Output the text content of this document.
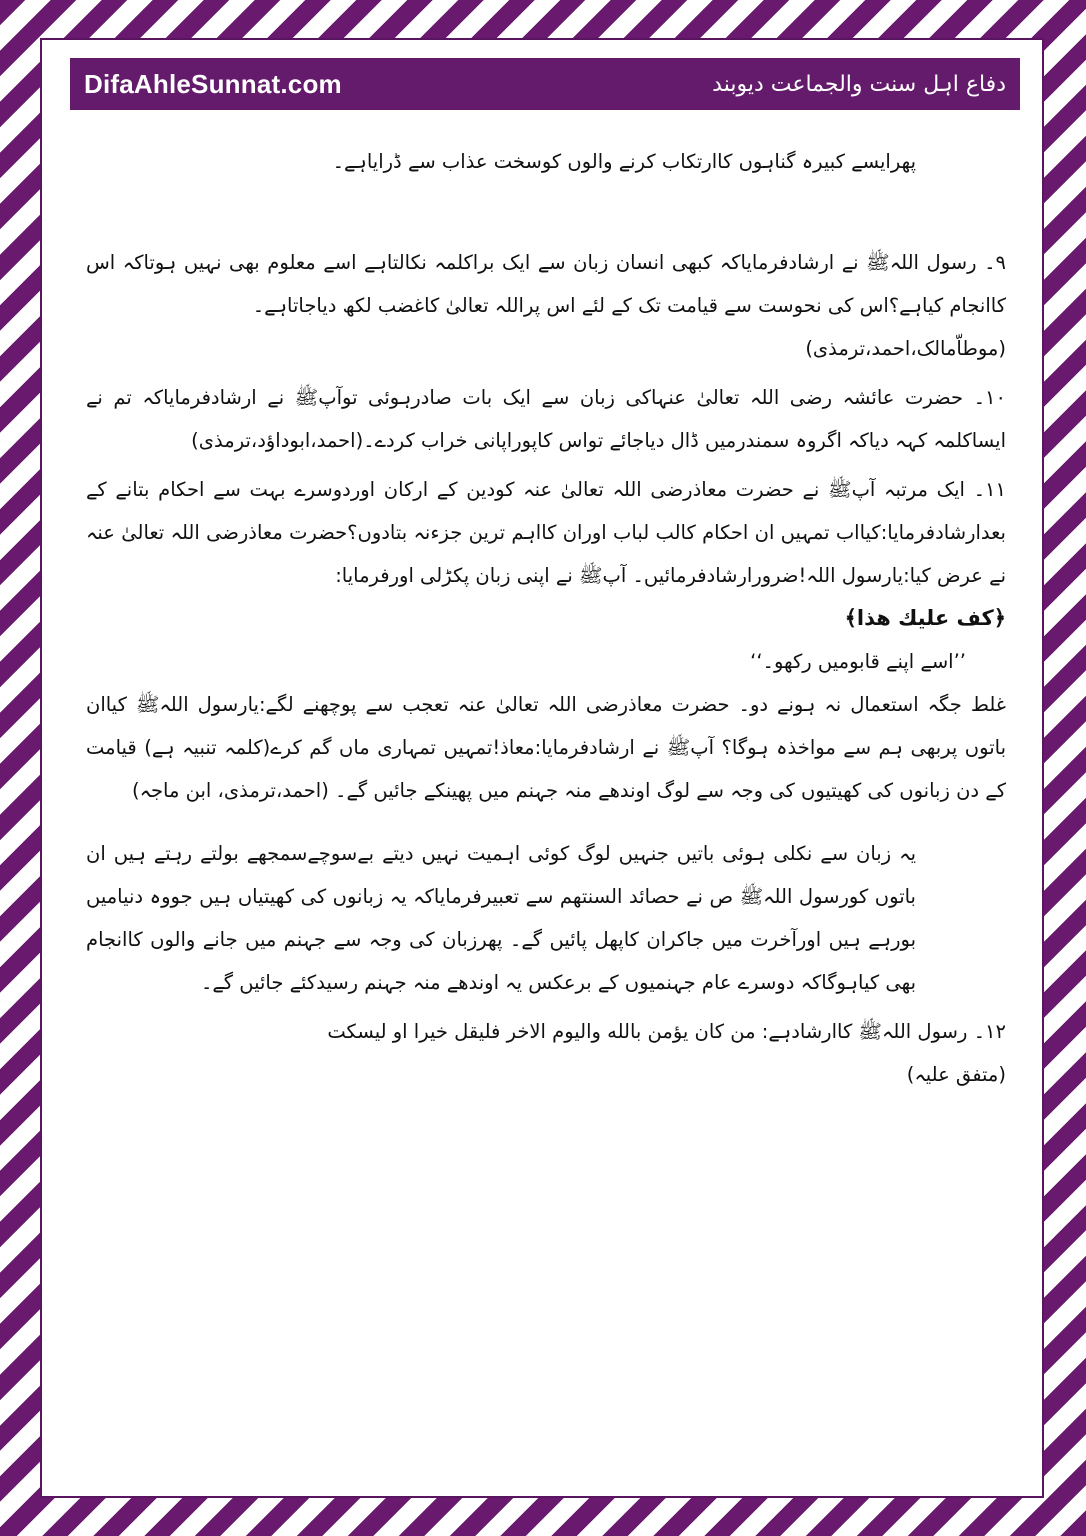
DifaAhleSunnat.com	دفاع اہل سنت والجماعت دیوبند

پھرایسے کبیرہ گناہوں کاارتکاب کرنے والوں کوسخت عذاب سے ڈرایاہے۔

۹۔ رسول اللہﷺ نے ارشادفرمایاکہ کبھی انسان زبان سے ایک براکلمہ نکالتاہے اسے معلوم بھی نہیں ہوتاکہ اس کاانجام کیاہے؟اس کی نحوست سے قیامت تک کے لئے اس پراللہ تعالیٰ کاغضب لکھ دیاجاتاہے۔

(موطاّمالک،احمد،ترمذی)

۱۰۔ حضرت عائشہ رضی اللہ تعالیٰ عنہاکی زبان سے ایک بات صادرہوئی توآپﷺ نے ارشادفرمایاکہ تم نے ایساکلمہ کہہ دیاکہ اگروہ سمندرمیں ڈال دیاجائے تواس کاپوراپانی خراب کردے۔(احمد،ابوداؤد،ترمذی)

۱۱۔ ایک مرتبہ آپﷺ نے حضرت معاذرضی اللہ تعالیٰ عنہ کودین کے ارکان اوردوسرے بہت سے احکام بتانے کے بعدارشادفرمایا:کیااب تمہیں ان احکام کالب لباب اوران کااہم ترین جزءنہ بتادوں؟حضرت معاذرضی اللہ تعالیٰ عنہ نے عرض کیا:یارسول اللہ!ضرورارشادفرمائیں۔ آپﷺ نے اپنی زبان پکڑلی اورفرمایا:

﴿كف عليك هذا﴾

’’اسے اپنے قابومیں رکھو۔‘‘

غلط جگہ استعمال نہ ہونے دو۔ حضرت معاذرضی اللہ تعالیٰ عنہ تعجب سے پوچھنے لگے:یارسول اللہﷺ کیاان باتوں پربھی ہم سے مواخذہ ہوگا؟ آپﷺ نے ارشادفرمایا:معاذ!تمہیں تمہاری ماں گم کرے(کلمہ تنبیہ ہے) قیامت کے دن زبانوں کی کھیتیوں کی وجہ سے لوگ اوندھے منہ جہنم میں پھینکے جائیں گے۔ (احمد،ترمذی، ابن ماجہ)

یہ زبان سے نکلی ہوئی باتیں جنہیں لوگ کوئی اہمیت نہیں دیتے بےسوچےسمجھے بولتے رہتے ہیں ان باتوں کورسول اللہﷺ ص نے حصائد السنتھم سے تعبیرفرمایاکہ یہ زبانوں کی کھیتیاں ہیں جووہ دنیامیں بورہے ہیں اورآخرت میں جاکران کاپھل پائیں گے۔ پھرزبان کی وجہ سے جہنم میں جانے والوں کاانجام بھی کیاہوگاکہ دوسرے عام جہنمیوں کے برعکس یہ اوندھے منہ جہنم رسیدکئے جائیں گے۔

۱۲۔ رسول اللہﷺ کاارشادہے: من كان يؤمن بالله واليوم الاخر فليقل خيرا او ليسكت

(متفق علیہ)
